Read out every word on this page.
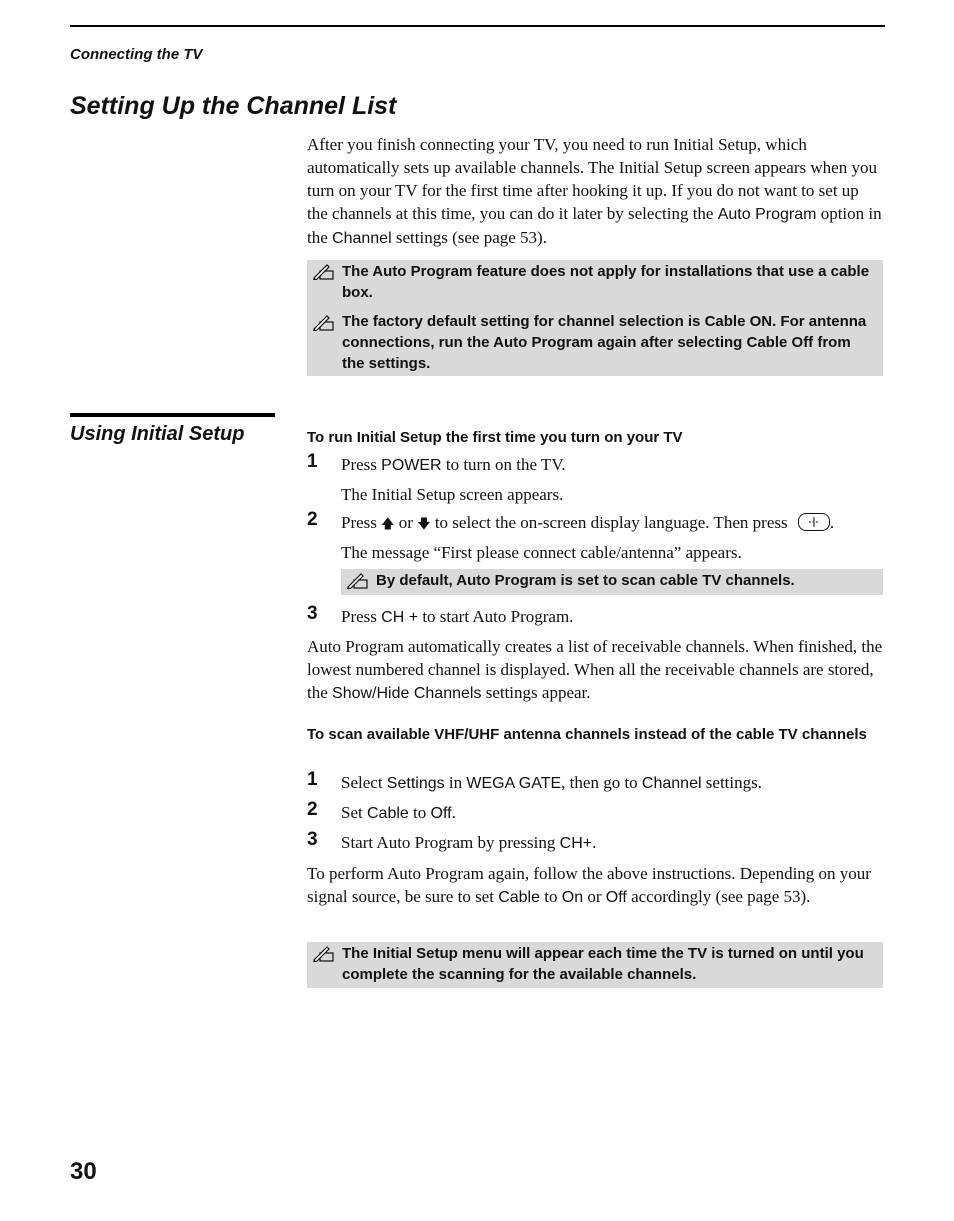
Connecting the TV
Setting Up the Channel List

After you finish connecting your TV, you need to run Initial Setup, which automatically sets up available channels. The Initial Setup screen appears when you turn on your TV for the first time after hooking it up. If you do not want to set up the channels at this time, you can do it later by selecting the Auto Program option in the Channel settings (see page 53).

The Auto Program feature does not apply for installations that use a cable box.
The factory default setting for channel selection is Cable ON. For antenna connections, run the Auto Program again after selecting Cable Off from the settings.
Using Initial Setup	To run Initial Setup the first time you turn on your TV
1 Press POWER to turn on the TV.
The Initial Setup screen appears.
2 Press 🡅 or 🡇 to select the on-screen display language. Then press
.
The message “First please connect cable/antenna” appears.
By default, Auto Program is set to scan cable TV channels.
3 Press CH + to start Auto Program.

Auto Program automatically creates a list of receivable channels. When finished, the lowest numbered channel is displayed. When all the receivable channels are stored, the Show/Hide Channels settings appear.

To scan available VHF/UHF antenna channels instead of the cable TV channels
1 Select Settings in WEGA GATE, then go to Channel settings.
2 Set Cable to Off.
3 Start Auto Program by pressing CH+.

To perform Auto Program again, follow the above instructions. Depending on your signal source, be sure to set Cable to On or Off accordingly (see page 53).

The Initial Setup menu will appear each time the TV is turned on until you complete the scanning for the available channels.
30
